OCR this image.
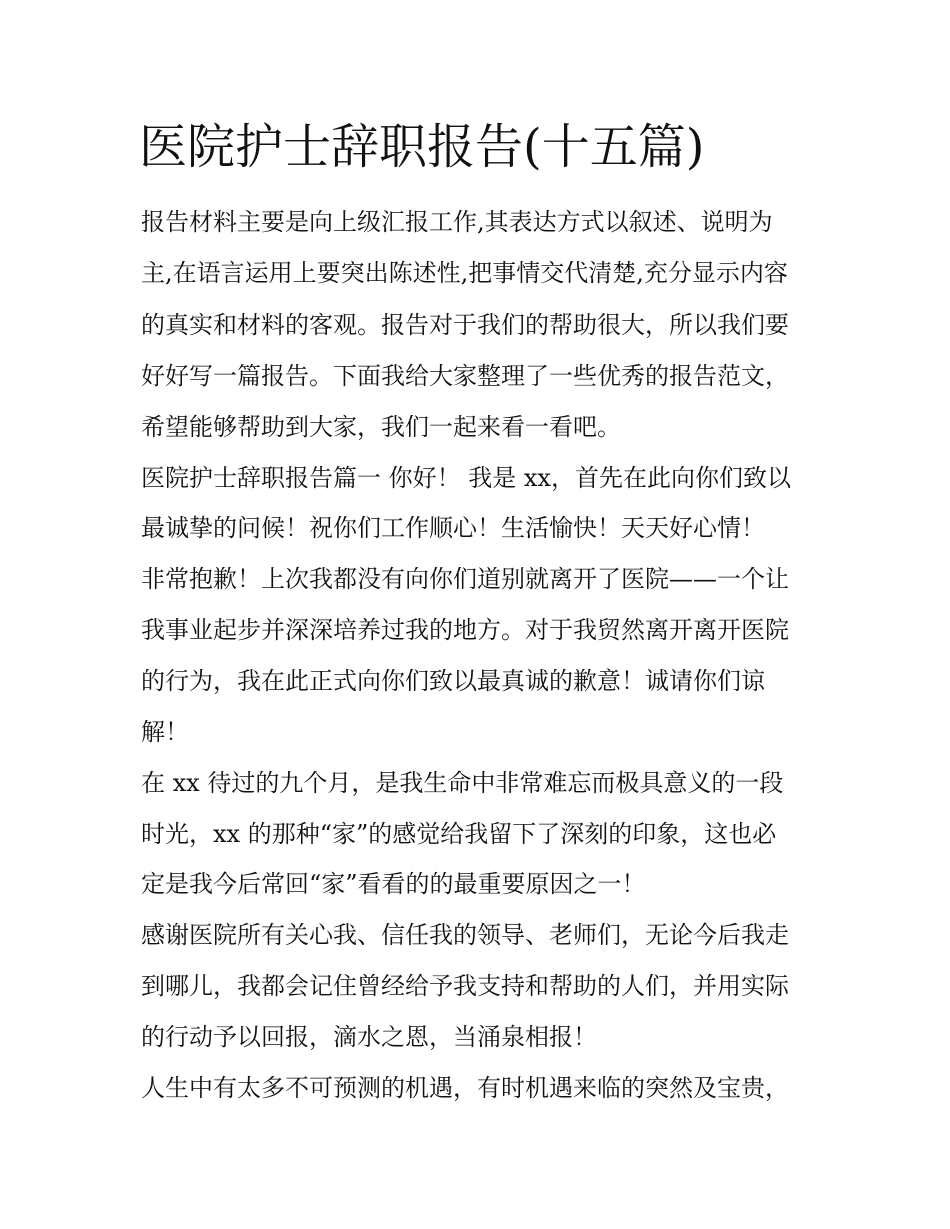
医院护士辞职报告(十五篇)

报告材料主要是向上级汇报工作,其表达方式以叙述、说明为

主,在语言运用上要突出陈述性,把事情交代清楚,充分显示内容

的真实和材料的客观。报告对于我们的帮助很大，所以我们要

好好写一篇报告。下面我给大家整理了一些优秀的报告范文，

希望能够帮助到大家，我们一起来看一看吧。

医院护士辞职报告篇一 你好！ 我是 xx，首先在此向你们致以

最诚挚的问候！祝你们工作顺心！生活愉快！天天好心情！

非常抱歉！上次我都没有向你们道别就离开了医院——一个让

我事业起步并深深培养过我的地方。对于我贸然离开离开医院

的行为，我在此正式向你们致以最真诚的歉意！诚请你们谅

解！

在 xx 待过的九个月，是我生命中非常难忘而极具意义的一段

时光，xx 的那种“家”的感觉给我留下了深刻的印象，这也必

定是我今后常回“家”看看的的最重要原因之一！

感谢医院所有关心我、信任我的领导、老师们，无论今后我走

到哪儿，我都会记住曾经给予我支持和帮助的人们，并用实际

的行动予以回报，滴水之恩，当涌泉相报！

人生中有太多不可预测的机遇，有时机遇来临的突然及宝贵，
